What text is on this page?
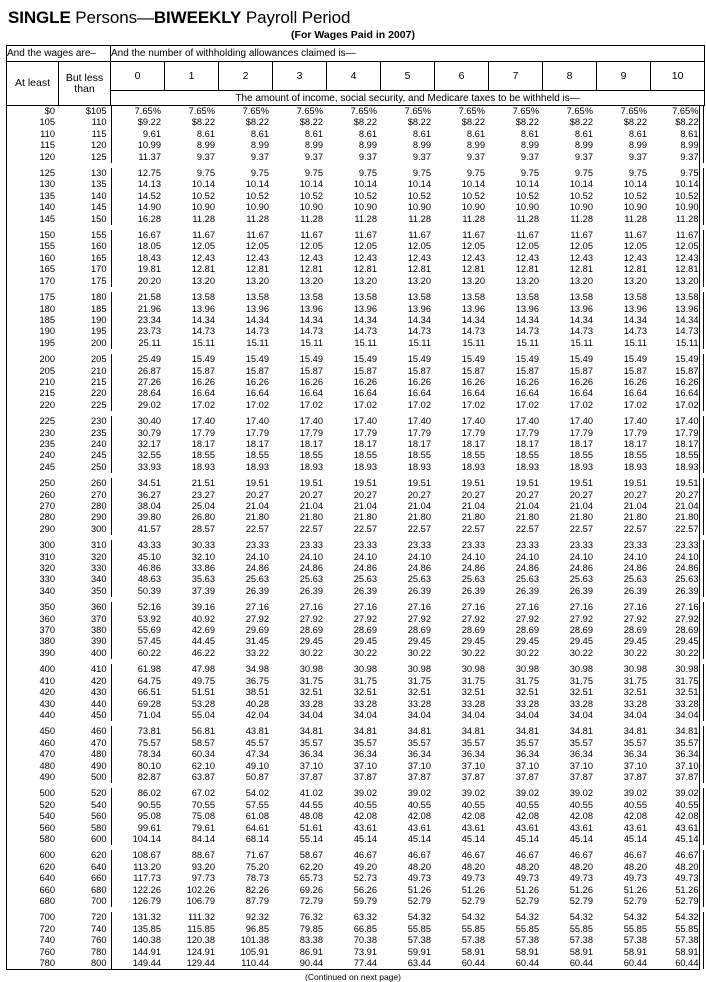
SINGLE Persons—BIWEEKLY Payroll Period
(For Wages Paid in 2007)
And the wages are–		And the number of withholding allowances claimed is—										
At least	But less
than	0	1	2	3	4	5	6	7	8	9	10
		The amount of income, social security, and Medicare taxes to be withheld is—										
$0	$105	7.65%	7.65%	7.65%	7.65%	7.65%	7.65%	7.65%	7.65%	7.65%	7.65%	7.65%	
105	110	$9.22	$8.22	$8.22	$8.22	$8.22	$8.22	$8.22	$8.22	$8.22	$8.22	$8.22	
110	115	9.61	8.61	8.61	8.61	8.61	8.61	8.61	8.61	8.61	8.61	8.61	
115	120	10.99	8.99	8.99	8.99	8.99	8.99	8.99	8.99	8.99	8.99	8.99	
120	125	11.37	9.37	9.37	9.37	9.37	9.37	9.37	9.37	9.37	9.37	9.37	

125	130	12.75	9.75	9.75	9.75	9.75	9.75	9.75	9.75	9.75	9.75	9.75	
130	135	14.13	10.14	10.14	10.14	10.14	10.14	10.14	10.14	10.14	10.14	10.14	
135	140	14.52	10.52	10.52	10.52	10.52	10.52	10.52	10.52	10.52	10.52	10.52	
140	145	14.90	10.90	10.90	10.90	10.90	10.90	10.90	10.90	10.90	10.90	10.90	
145	150	16.28	11.28	11.28	11.28	11.28	11.28	11.28	11.28	11.28	11.28	11.28	

150	155	16.67	11.67	11.67	11.67	11.67	11.67	11.67	11.67	11.67	11.67	11.67	
155	160	18.05	12.05	12.05	12.05	12.05	12.05	12.05	12.05	12.05	12.05	12.05	
160	165	18.43	12.43	12.43	12.43	12.43	12.43	12.43	12.43	12.43	12.43	12.43	
165	170	19.81	12.81	12.81	12.81	12.81	12.81	12.81	12.81	12.81	12.81	12.81	
170	175	20.20	13.20	13.20	13.20	13.20	13.20	13.20	13.20	13.20	13.20	13.20	

175	180	21.58	13.58	13.58	13.58	13.58	13.58	13.58	13.58	13.58	13.58	13.58	
180	185	21.96	13.96	13.96	13.96	13.96	13.96	13.96	13.96	13.96	13.96	13.96	
185	190	23.34	14.34	14.34	14.34	14.34	14.34	14.34	14.34	14.34	14.34	14.34	
190	195	23.73	14.73	14.73	14.73	14.73	14.73	14.73	14.73	14.73	14.73	14.73	
195	200	25.11	15.11	15.11	15.11	15.11	15.11	15.11	15.11	15.11	15.11	15.11	

200	205	25.49	15.49	15.49	15.49	15.49	15.49	15.49	15.49	15.49	15.49	15.49	
205	210	26.87	15.87	15.87	15.87	15.87	15.87	15.87	15.87	15.87	15.87	15.87	
210	215	27.26	16.26	16.26	16.26	16.26	16.26	16.26	16.26	16.26	16.26	16.26	
215	220	28.64	16.64	16.64	16.64	16.64	16.64	16.64	16.64	16.64	16.64	16.64	
220	225	29.02	17.02	17.02	17.02	17.02	17.02	17.02	17.02	17.02	17.02	17.02	

225	230	30.40	17.40	17.40	17.40	17.40	17.40	17.40	17.40	17.40	17.40	17.40	
230	235	30.79	17.79	17.79	17.79	17.79	17.79	17.79	17.79	17.79	17.79	17.79	
235	240	32.17	18.17	18.17	18.17	18.17	18.17	18.17	18.17	18.17	18.17	18.17	
240	245	32.55	18.55	18.55	18.55	18.55	18.55	18.55	18.55	18.55	18.55	18.55	
245	250	33.93	18.93	18.93	18.93	18.93	18.93	18.93	18.93	18.93	18.93	18.93	

250	260	34.51	21.51	19.51	19.51	19.51	19.51	19.51	19.51	19.51	19.51	19.51	
260	270	36.27	23.27	20.27	20.27	20.27	20.27	20.27	20.27	20.27	20.27	20.27	
270	280	38.04	25.04	21.04	21.04	21.04	21.04	21.04	21.04	21.04	21.04	21.04	
280	290	39.80	26.80	21.80	21.80	21.80	21.80	21.80	21.80	21.80	21.80	21.80	
290	300	41.57	28.57	22.57	22.57	22.57	22.57	22.57	22.57	22.57	22.57	22.57	

300	310	43.33	30.33	23.33	23.33	23.33	23.33	23.33	23.33	23.33	23.33	23.33	
310	320	45.10	32.10	24.10	24.10	24.10	24.10	24.10	24.10	24.10	24.10	24.10	
320	330	46.86	33.86	24.86	24.86	24.86	24.86	24.86	24.86	24.86	24.86	24.86	
330	340	48.63	35.63	25.63	25.63	25.63	25.63	25.63	25.63	25.63	25.63	25.63	
340	350	50.39	37.39	26.39	26.39	26.39	26.39	26.39	26.39	26.39	26.39	26.39	

350	360	52.16	39.16	27.16	27.16	27.16	27.16	27.16	27.16	27.16	27.16	27.16	
360	370	53.92	40.92	27.92	27.92	27.92	27.92	27.92	27.92	27.92	27.92	27.92	
370	380	55.69	42.69	29.69	28.69	28.69	28.69	28.69	28.69	28.69	28.69	28.69	
380	390	57.45	44.45	31.45	29.45	29.45	29.45	29.45	29.45	29.45	29.45	29.45	
390	400	60.22	46.22	33.22	30.22	30.22	30.22	30.22	30.22	30.22	30.22	30.22	

400	410	61.98	47.98	34.98	30.98	30.98	30.98	30.98	30.98	30.98	30.98	30.98	
410	420	64.75	49.75	36.75	31.75	31.75	31.75	31.75	31.75	31.75	31.75	31.75	
420	430	66.51	51.51	38.51	32.51	32.51	32.51	32.51	32.51	32.51	32.51	32.51	
430	440	69.28	53.28	40.28	33.28	33.28	33.28	33.28	33.28	33.28	33.28	33.28	
440	450	71.04	55.04	42.04	34.04	34.04	34.04	34.04	34.04	34.04	34.04	34.04	

450	460	73.81	56.81	43.81	34.81	34.81	34.81	34.81	34.81	34.81	34.81	34.81	
460	470	75.57	58.57	45.57	35.57	35.57	35.57	35.57	35.57	35.57	35.57	35.57	
470	480	78.34	60.34	47.34	36.34	36.34	36.34	36.34	36.34	36.34	36.34	36.34	
480	490	80.10	62.10	49.10	37.10	37.10	37.10	37.10	37.10	37.10	37.10	37.10	
490	500	82.87	63.87	50.87	37.87	37.87	37.87	37.87	37.87	37.87	37.87	37.87	

500	520	86.02	67.02	54.02	41.02	39.02	39.02	39.02	39.02	39.02	39.02	39.02	
520	540	90.55	70.55	57.55	44.55	40.55	40.55	40.55	40.55	40.55	40.55	40.55	
540	560	95.08	75.08	61.08	48.08	42.08	42.08	42.08	42.08	42.08	42.08	42.08	
560	580	99.61	79.61	64.61	51.61	43.61	43.61	43.61	43.61	43.61	43.61	43.61	
580	600	104.14	84.14	68.14	55.14	45.14	45.14	45.14	45.14	45.14	45.14	45.14	

600	620	108.67	88.67	71.67	58.67	46.67	46.67	46.67	46.67	46.67	46.67	46.67	
620	640	113.20	93.20	75.20	62.20	49.20	48.20	48.20	48.20	48.20	48.20	48.20	
640	660	117.73	97.73	78.73	65.73	52.73	49.73	49.73	49.73	49.73	49.73	49.73	
660	680	122.26	102.26	82.26	69.26	56.26	51.26	51.26	51.26	51.26	51.26	51.26	
680	700	126.79	106.79	87.79	72.79	59.79	52.79	52.79	52.79	52.79	52.79	52.79	

700	720	131.32	111.32	92.32	76.32	63.32	54.32	54.32	54.32	54.32	54.32	54.32	
720	740	135.85	115.85	96.85	79.85	66.85	55.85	55.85	55.85	55.85	55.85	55.85	
740	760	140.38	120.38	101.38	83.38	70.38	57.38	57.38	57.38	57.38	57.38	57.38	
760	780	144.91	124.91	105.91	86.91	73.91	59.91	58.91	58.91	58.91	58.91	58.91	
780	800	149.44	129.44	110.44	90.44	77.44	63.44	60.44	60.44	60.44	60.44	60.44	
(Continued on next page)
